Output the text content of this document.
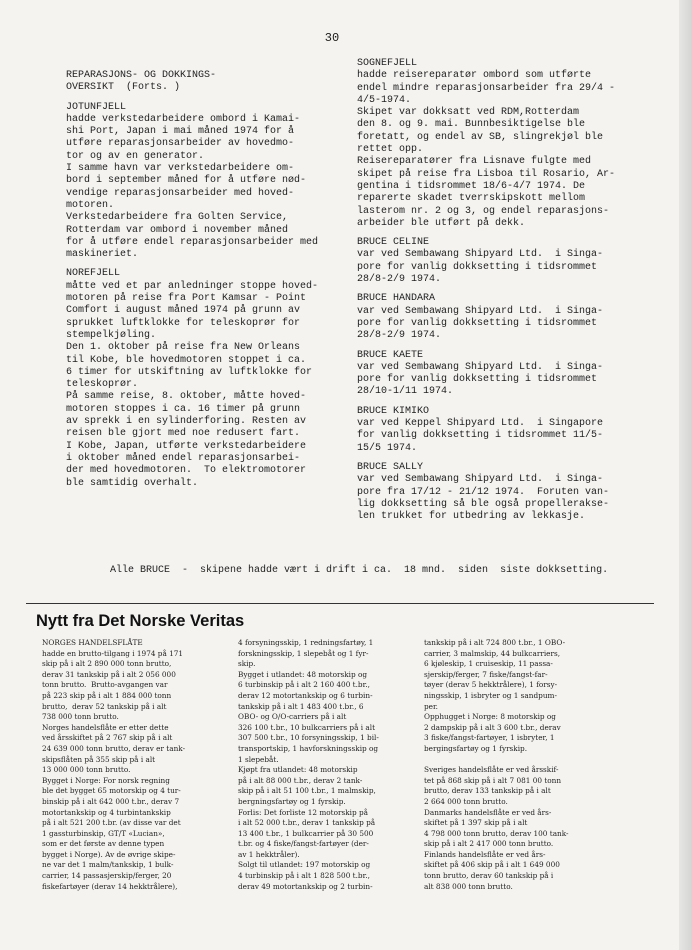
30

REPARASJONS- OG DOKKINGS-

OVERSIKT  (Forts. )

JOTUNFJELL

hadde verkstedarbeidere ombord i Kamai-

shi Port, Japan i mai måned 1974 for å

utføre reparasjonsarbeider av hovedmo-

tor og av en generator.

I samme havn var verkstedarbeidere om-

bord i september måned for å utføre nød-

vendige reparasjonsarbeider med hoved-

motoren.

Verkstedarbeidere fra Golten Service,

Rotterdam var ombord i november måned

for å utføre endel reparasjonsarbeider med

maskineriet.

NOREFJELL

måtte ved et par anledninger stoppe hoved-

motoren på reise fra Port Kamsar - Point

Comfort i august måned 1974 på grunn av

sprukket luftklokke for teleskoprør for

stempelkjøling.

Den 1. oktober på reise fra New Orleans

til Kobe, ble hovedmotoren stoppet i ca.

6 timer for utskiftning av luftklokke for

teleskoprør.

På samme reise, 8. oktober, måtte hoved-

motoren stoppes i ca. 16 timer på grunn

av sprekk i en sylinderforing. Resten av

reisen ble gjort med noe redusert fart.

I Kobe, Japan, utførte verkstedarbeidere

i oktober måned endel reparasjonsarbei-

der med hovedmotoren.  To elektromotorer

ble samtidig overhalt.

SOGNEFJELL

hadde reisereparatør ombord som utførte

endel mindre reparasjonsarbeider fra 29/4 -

4/5-1974.

Skipet var dokksatt ved RDM,Rotterdam

den 8. og 9. mai. Bunnbesiktigelse ble

foretatt, og endel av SB, slingrekjøl ble

rettet opp.

Reisereparatører fra Lisnave fulgte med

skipet på reise fra Lisboa til Rosario, Ar-

gentina i tidsrommet 18/6-4/7 1974. De

reparerte skadet tverrskipskott mellom

lasterom nr. 2 og 3, og endel reparasjons-

arbeider ble utført på dekk.

BRUCE CELINE

var ved Sembawang Shipyard Ltd.  i Singa-

pore for vanlig dokksetting i tidsrommet

28/8-2/9 1974.

BRUCE HANDARA

var ved Sembawang Shipyard Ltd.  i Singa-

pore for vanlig dokksetting i tidsrommet

28/8-2/9 1974.

BRUCE KAETE

var ved Sembawang Shipyard Ltd.  i Singa-

pore for vanlig dokksetting i tidsrommet

28/10-1/11 1974.

BRUCE KIMIKO

var ved Keppel Shipyard Ltd.  i Singapore

for vanlig dokksetting i tidsrommet 11/5-

15/5 1974.

BRUCE SALLY

var ved Sembawang Shipyard Ltd.  i Singa-

pore fra 17/12 - 21/12 1974.  Foruten van-

lig dokksetting så ble også propellerakse-

len trukket for utbedring av lekkasje.

Alle BRUCE  -  skipene hadde vært i drift i ca.  18 mnd.  siden  siste dokksetting.
Nytt fra Det Norske Veritas

NORGES HANDELSFLÅTE

hadde en brutto-tilgang i 1974 på 171

skip på i alt 2 890 000 tonn brutto,

derav 31 tankskip på i alt 2 056 000

tonn brutto.  Brutto-avgangen var

på 223 skip på i alt 1 884 000 tonn

brutto,  derav 52 tankskip på i alt

738 000 tonn brutto.

Norges handelsflåte er etter dette

ved årsskiftet på 2 767 skip på i alt

24 639 000 tonn brutto, derav er tank-

skipsflåten på 355 skip på i alt

13 000 000 tonn brutto.

Bygget i Norge: For norsk regning

ble det bygget 65 motorskip og 4 tur-

binskip på i alt 642 000 t.br., derav 7

motortankskip og 4 turbintankskip

på i alt 521 200 t.br. (av disse var det

1 gassturbinskip, GT/T «Lucian»,

som er det første av denne typen

bygget i Norge). Av de øvrige skipe-

ne var det 1 malm/tankskip, 1 bulk-

carrier, 14 passasjerskip/ferger, 20

fiskefartøyer (derav 14 hekktrålere),

4 forsyningsskip, 1 redningsfartøy, 1

forskningsskip, 1 slepebåt og 1 fyr-

skip.

Bygget i utlandet: 48 motorskip og

6 turbinskip på i alt 2 160 400 t.br.,

derav 12 motortankskip og 6 turbin-

tankskip på i alt 1 483 400 t.br., 6

OBO- og O/O-carriers på i alt

326 100 t.br., 10 bulkcarriers på i alt

307 500 t.br., 10 forsyningsskip, 1 bil-

transportskip, 1 havforskningsskip og

1 slepebåt.

Kjøpt fra utlandet: 48 motorskip

på i alt 88 000 t.br., derav 2 tank-

skip på i alt 51 100 t.br., 1 malmskip,

bergningsfartøy og 1 fyrskip.

Forlis: Det forliste 12 motorskip på

i alt 52 000 t.br., derav 1 tankskip på

13 400 t.br., 1 bulkcarrier på 30 500

t.br. og 4 fiske/fangst-fartøyer (der-

av 1 hekktråler).

Solgt til utlandet: 197 motorskip og

4 turbinskip på i alt 1 828 500 t.br.,

derav 49 motortankskip og 2 turbin-

tankskip på i alt 724 800 t.br., 1 OBO-

carrier, 3 malmskip, 44 bulkcarriers,

6 kjøleskip, 1 cruiseskip, 11 passa-

sjerskip/ferger, 7 fiske/fangst-far-

tøyer (derav 5 hekktrålere), 1 forsy-

ningsskip, 1 isbryter og 1 sandpum-

per.

Opphugget i Norge: 8 motorskip og

2 dampskip på i alt 3 600 t.br., derav

3 fiske/fangst-fartøyer, 1 isbryter, 1

bergingsfartøy og 1 fyrskip.

Sveriges handelsflåte er ved årsskif-

tet på 868 skip på i alt 7 081 00 tonn

brutto, derav 133 tankskip på i alt

2 664 000 tonn brutto.

Danmarks handelsflåte er ved års-

skiftet på 1 397 skip på i alt

4 798 000 tonn brutto, derav 100 tank-

skip på i alt 2 417 000 tonn brutto.

Finlands handelsflåte er ved års-

skiftet på 406 skip på i alt 1 649 000

tonn brutto, derav 60 tankskip på i

alt 838 000 tonn brutto.
